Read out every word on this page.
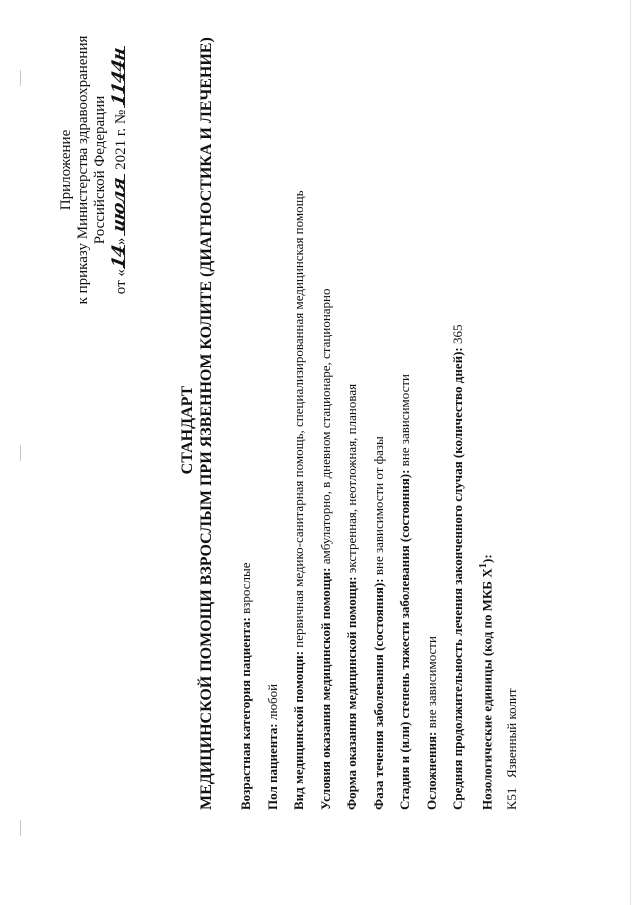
Приложение к приказу Министерства здравоохранения Российской Федерации
от «
14
»
июля
2021 г. №
1144н
СТАНДАРТ МЕДИЦИНСКОЙ ПОМОЩИ ВЗРОСЛЫМ ПРИ ЯЗВЕННОМ КОЛИТЕ (ДИАГНОСТИКА И ЛЕЧЕНИЕ) Возрастная категория пациента: взрослые
Пол пациента: любой Вид медицинской помощи: первичная медико-санитарная помощь, специализированная медицинская помощь
Условия оказания медицинской помощи: амбулаторно, в дневном стационаре, стационарно
Форма оказания медицинской помощи: экстренная, неотложная, плановая
Фаза течения заболевания (состояния): вне зависимости от фазы Стадия и (или) степень тяжести заболевания (состояния): вне зависимости
Осложнения: вне зависимости Средняя продолжительность лечения законченного случая (количество дней): 365
Нозологические единицы (код по МКБ $X^1$):
K51Язвенный колит
